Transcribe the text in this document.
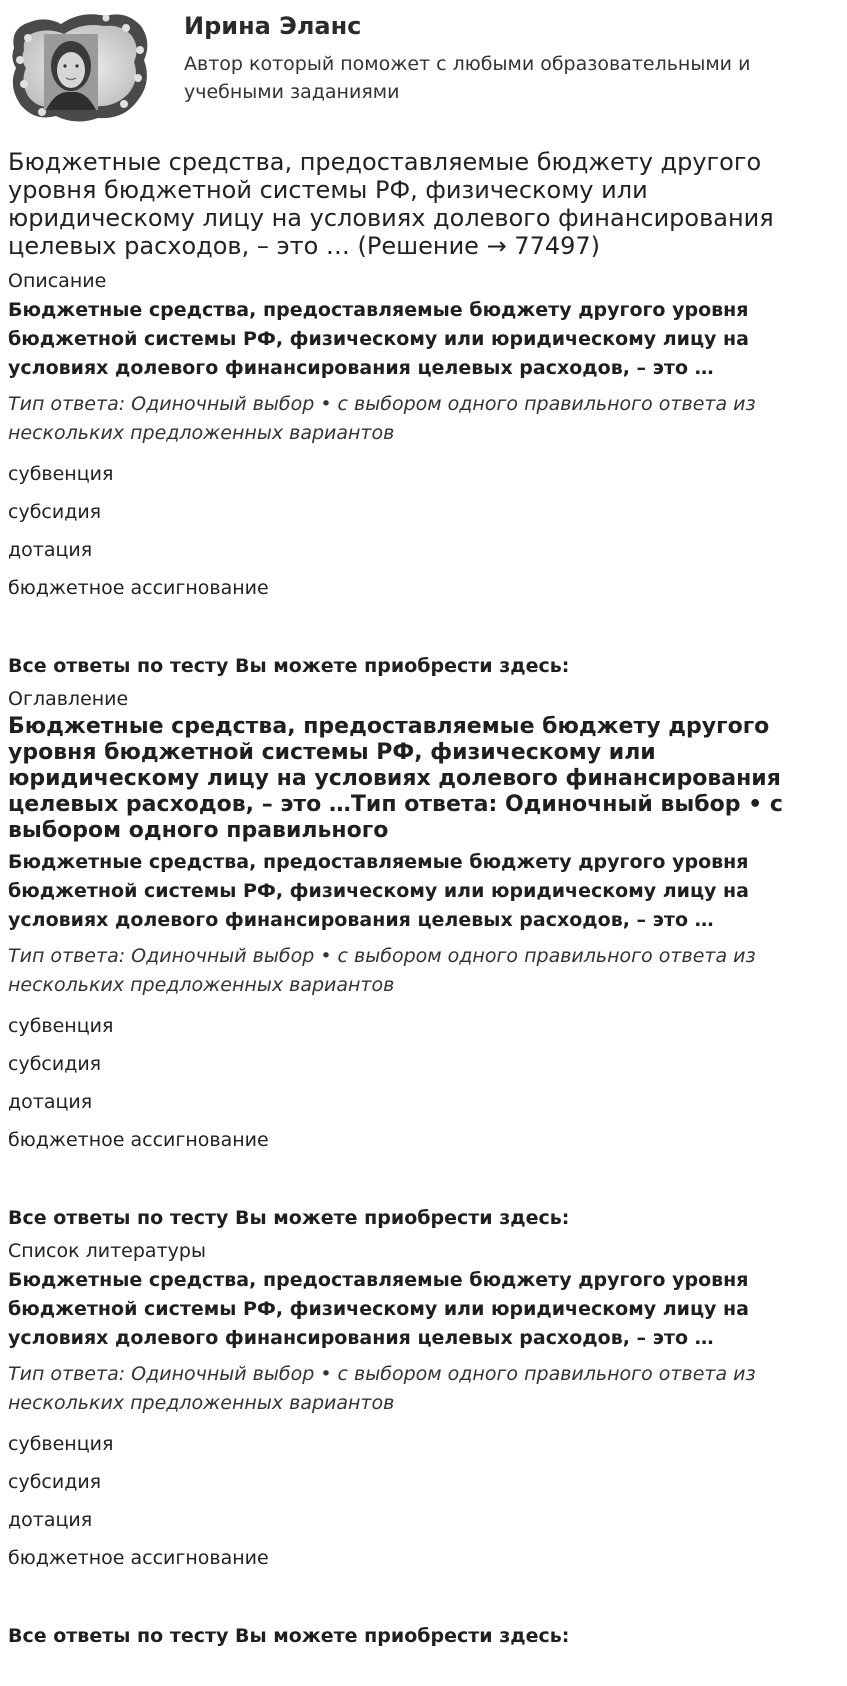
Ирина Эланс
Автор который поможет с любыми образовательными и учебными заданиями
Бюджетные средства, предоставляемые бюджету другого уровня бюджетной системы РФ, физическому или юридическому лицу на условиях долевого финансирования целевых расходов, – это … (Решение → 77497)
Описание
Бюджетные средства, предоставляемые бюджету другого уровня бюджетной системы РФ, физическому или юридическому лицу на условиях долевого финансирования целевых расходов, – это …
Тип ответа: Одиночный выбор • с выбором одного правильного ответа из нескольких предложенных вариантов
субвенция
субсидия
дотация
бюджетное ассигнование
Все ответы по тесту Вы можете приобрести здесь:
Оглавление
Бюджетные средства, предоставляемые бюджету другого уровня бюджетной системы РФ, физическому или юридическому лицу на условиях долевого финансирования целевых расходов, – это …Тип ответа: Одиночный выбор • с выбором одного правильного
Бюджетные средства, предоставляемые бюджету другого уровня бюджетной системы РФ, физическому или юридическому лицу на условиях долевого финансирования целевых расходов, – это …
Тип ответа: Одиночный выбор • с выбором одного правильного ответа из нескольких предложенных вариантов
субвенция
субсидия
дотация
бюджетное ассигнование
Все ответы по тесту Вы можете приобрести здесь:
Список литературы
Бюджетные средства, предоставляемые бюджету другого уровня бюджетной системы РФ, физическому или юридическому лицу на условиях долевого финансирования целевых расходов, – это …
Тип ответа: Одиночный выбор • с выбором одного правильного ответа из нескольких предложенных вариантов
субвенция
субсидия
дотация
бюджетное ассигнование
Все ответы по тесту Вы можете приобрести здесь:
